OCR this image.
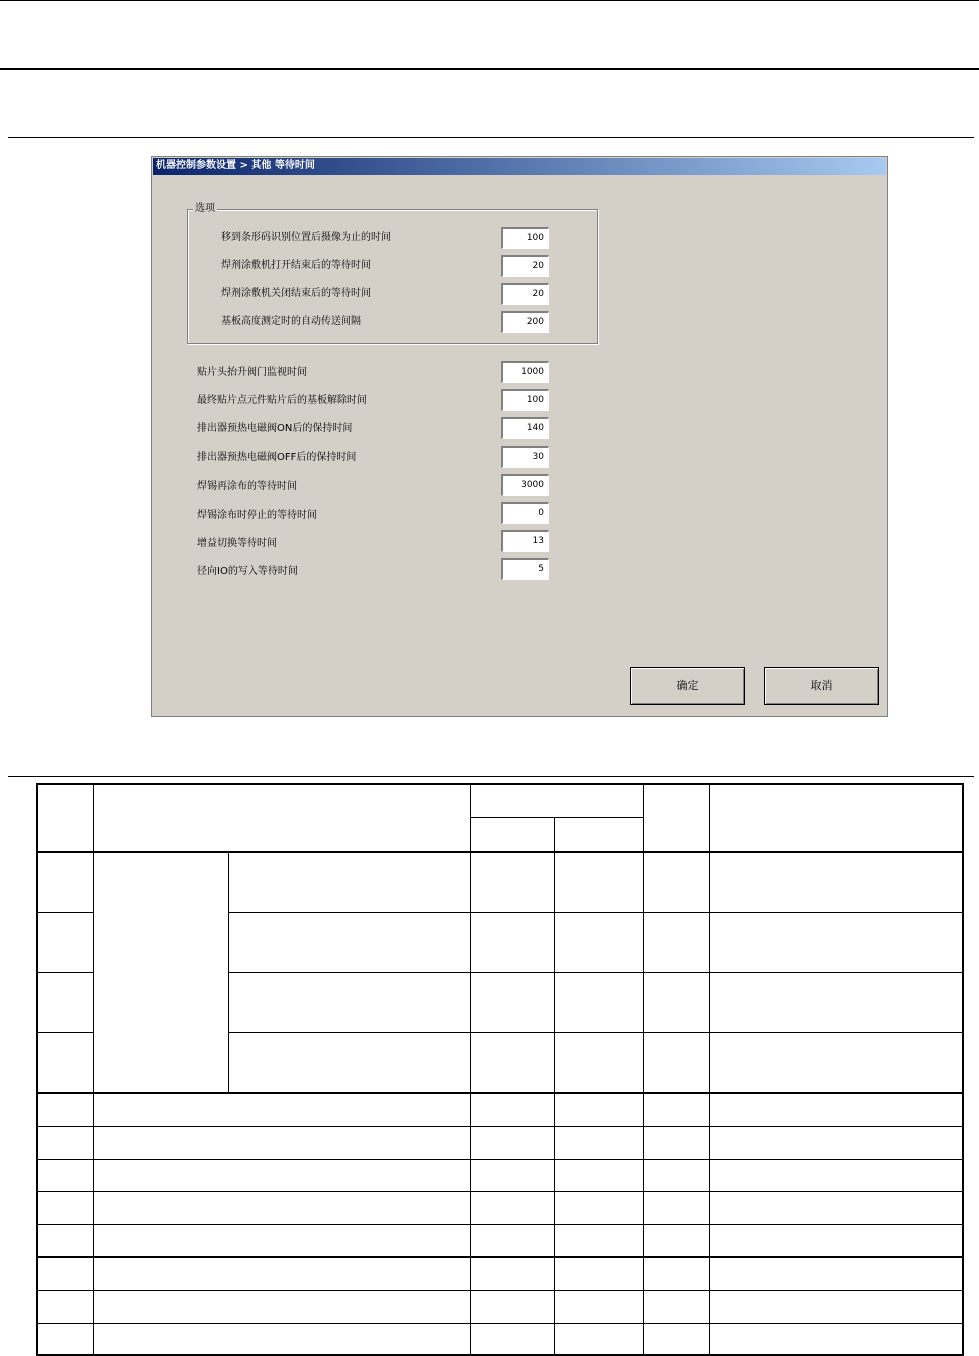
机器控制参数设置 > 其他 等待时间
选项
移到条形码识别位置后摄像为止的时间	100
焊剂涂敷机打开结束后的等待时间	20
焊剂涂敷机关闭结束后的等待时间	20
基板高度测定时的自动传送间隔	200
贴片头抬升阀门监视时间	1000
最终贴片点元件贴片后的基板解除时间	100
排出器预热电磁阀ON后的保持时间	140
排出器预热电磁阀OFF后的保持时间	30
焊锡再涂布的等待时间	3000
焊锡涂布时停止的等待时间	0
增益切换等待时间	13
径向IO的写入等待时间	5
确定	取消
